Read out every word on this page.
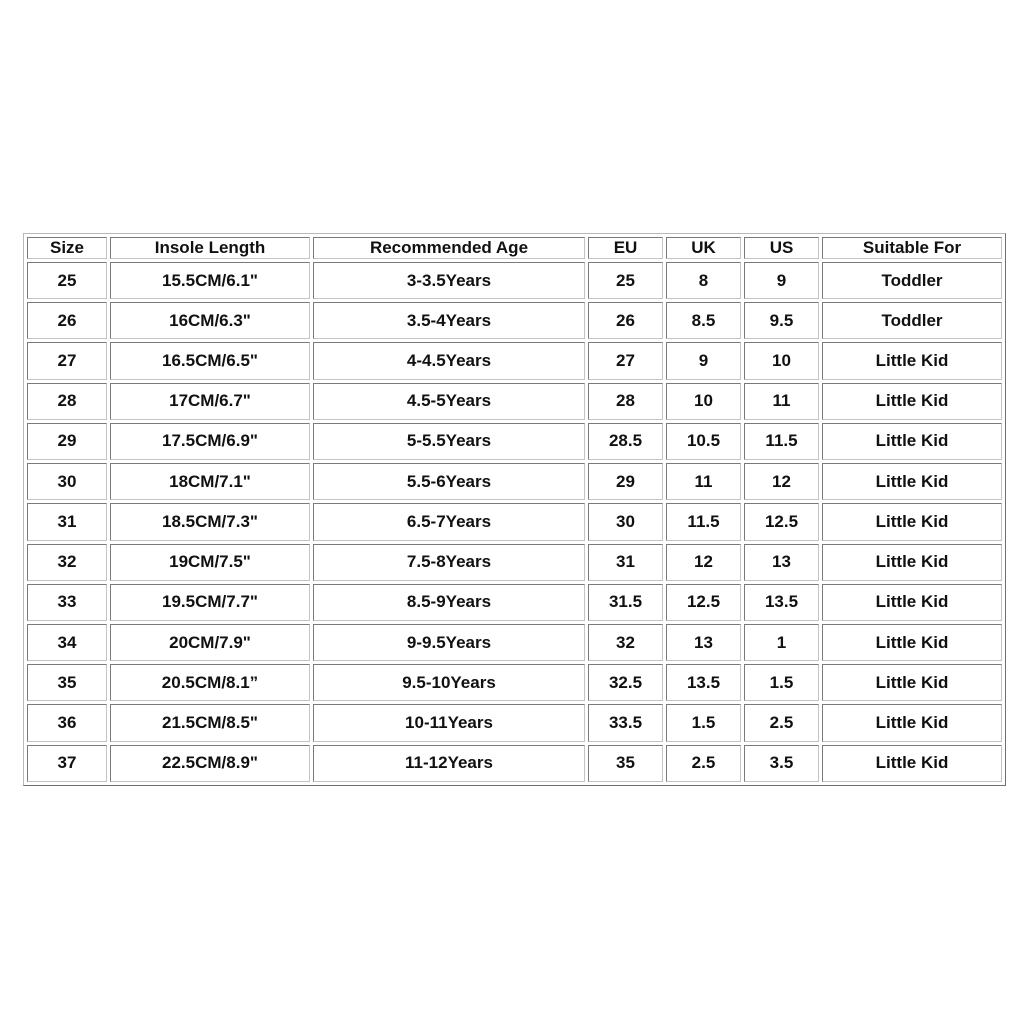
Size	Insole Length	Recommended Age	EU	UK	US	Suitable For
25	15.5CM/6.1"	3-3.5Years	25	8	9	Toddler
26	16CM/6.3"	3.5-4Years	26	8.5	9.5	Toddler
27	16.5CM/6.5"	4-4.5Years	27	9	10	Little Kid
28	17CM/6.7"	4.5-5Years	28	10	11	Little Kid
29	17.5CM/6.9"	5-5.5Years	28.5	10.5	11.5	Little Kid
30	18CM/7.1"	5.5-6Years	29	11	12	Little Kid
31	18.5CM/7.3"	6.5-7Years	30	11.5	12.5	Little Kid
32	19CM/7.5"	7.5-8Years	31	12	13	Little Kid
33	19.5CM/7.7"	8.5-9Years	31.5	12.5	13.5	Little Kid
34	20CM/7.9"	9-9.5Years	32	13	1	Little Kid
35	20.5CM/8.1”	9.5-10Years	32.5	13.5	1.5	Little Kid
36	21.5CM/8.5"	10-11Years	33.5	1.5	2.5	Little Kid
37	22.5CM/8.9"	11-12Years	35	2.5	3.5	Little Kid
